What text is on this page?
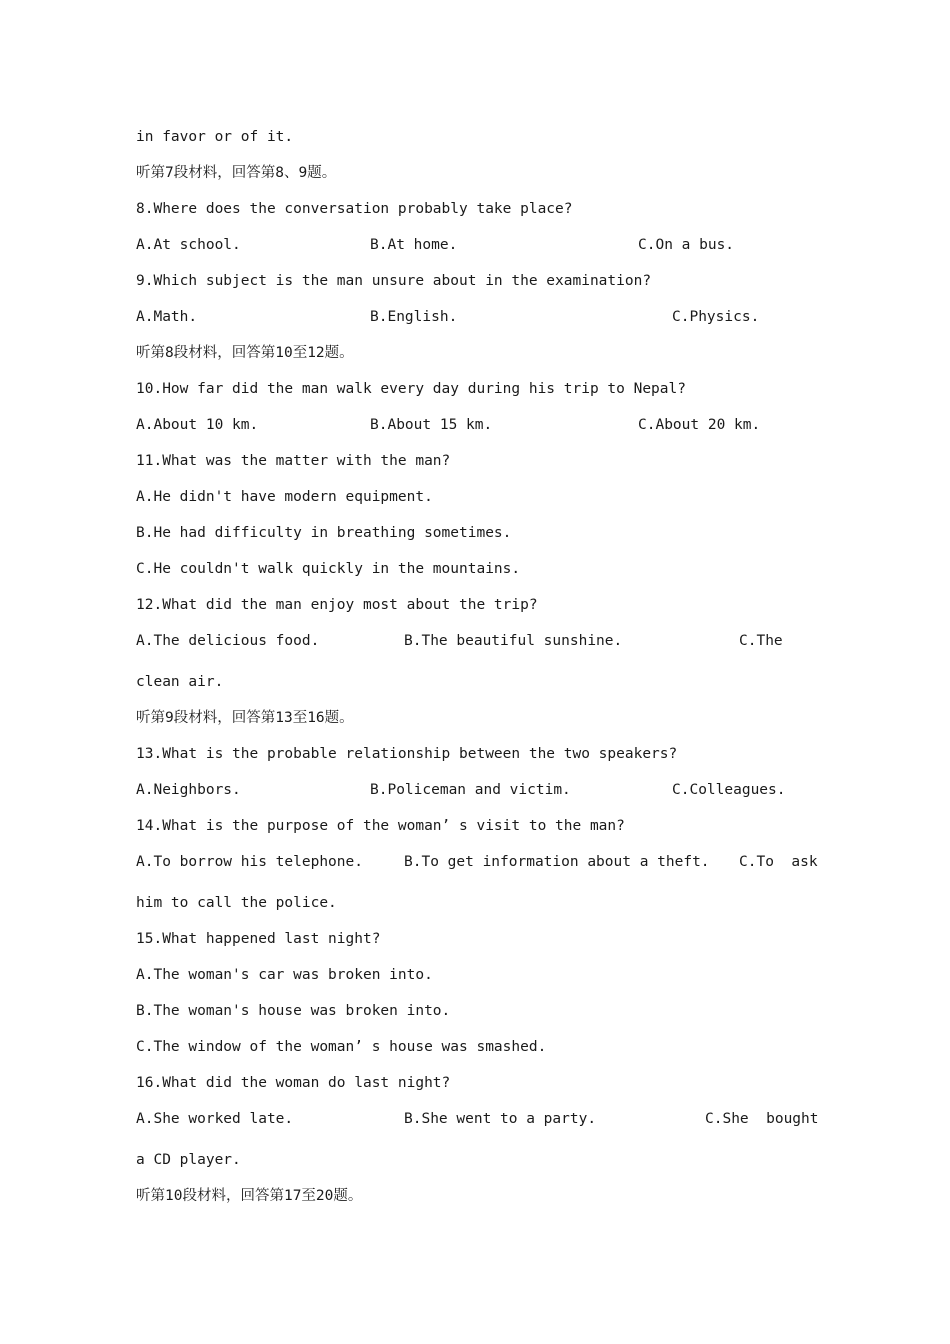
in favor or of it.
听第7段材料，回答第8、9题。
8.Where does the conversation probably take place?
A.At school.	B.At home.	C.On a bus.
9.Which subject is the man unsure about in the examination?
A.Math.	B.English.	C.Physics.
听第8段材料，回答第10至12题。
10.How far did the man walk every day during his trip to Nepal?
A.About 10 km.	B.About 15 km.	C.About 20 km.
11.What was the matter with the man?
A.He didn't have modern equipment.
B.He had difficulty in breathing sometimes.
C.He couldn't walk quickly in the mountains.
12.What did the man enjoy most about the trip?
A.The delicious food.	B.The beautiful sunshine.	C.The
clean air.
听第9段材料，回答第13至16题。
13.What is the probable relationship between the two speakers?
A.Neighbors.	B.Policeman and victim.	C.Colleagues.
14.What is the purpose of the woman’ s visit to the man?
A.To borrow his telephone.	B.To get information about a theft. C.To  ask
him to call the police.
15.What happened last night?
A.The woman's car was broken into.
B.The woman's house was broken into.
C.The window of the woman’ s house was smashed.
16.What did the woman do last night?
A.She worked late.	B.She went to a party.	C.She  bought
a CD player.
听第10段材料，回答第17至20题。
